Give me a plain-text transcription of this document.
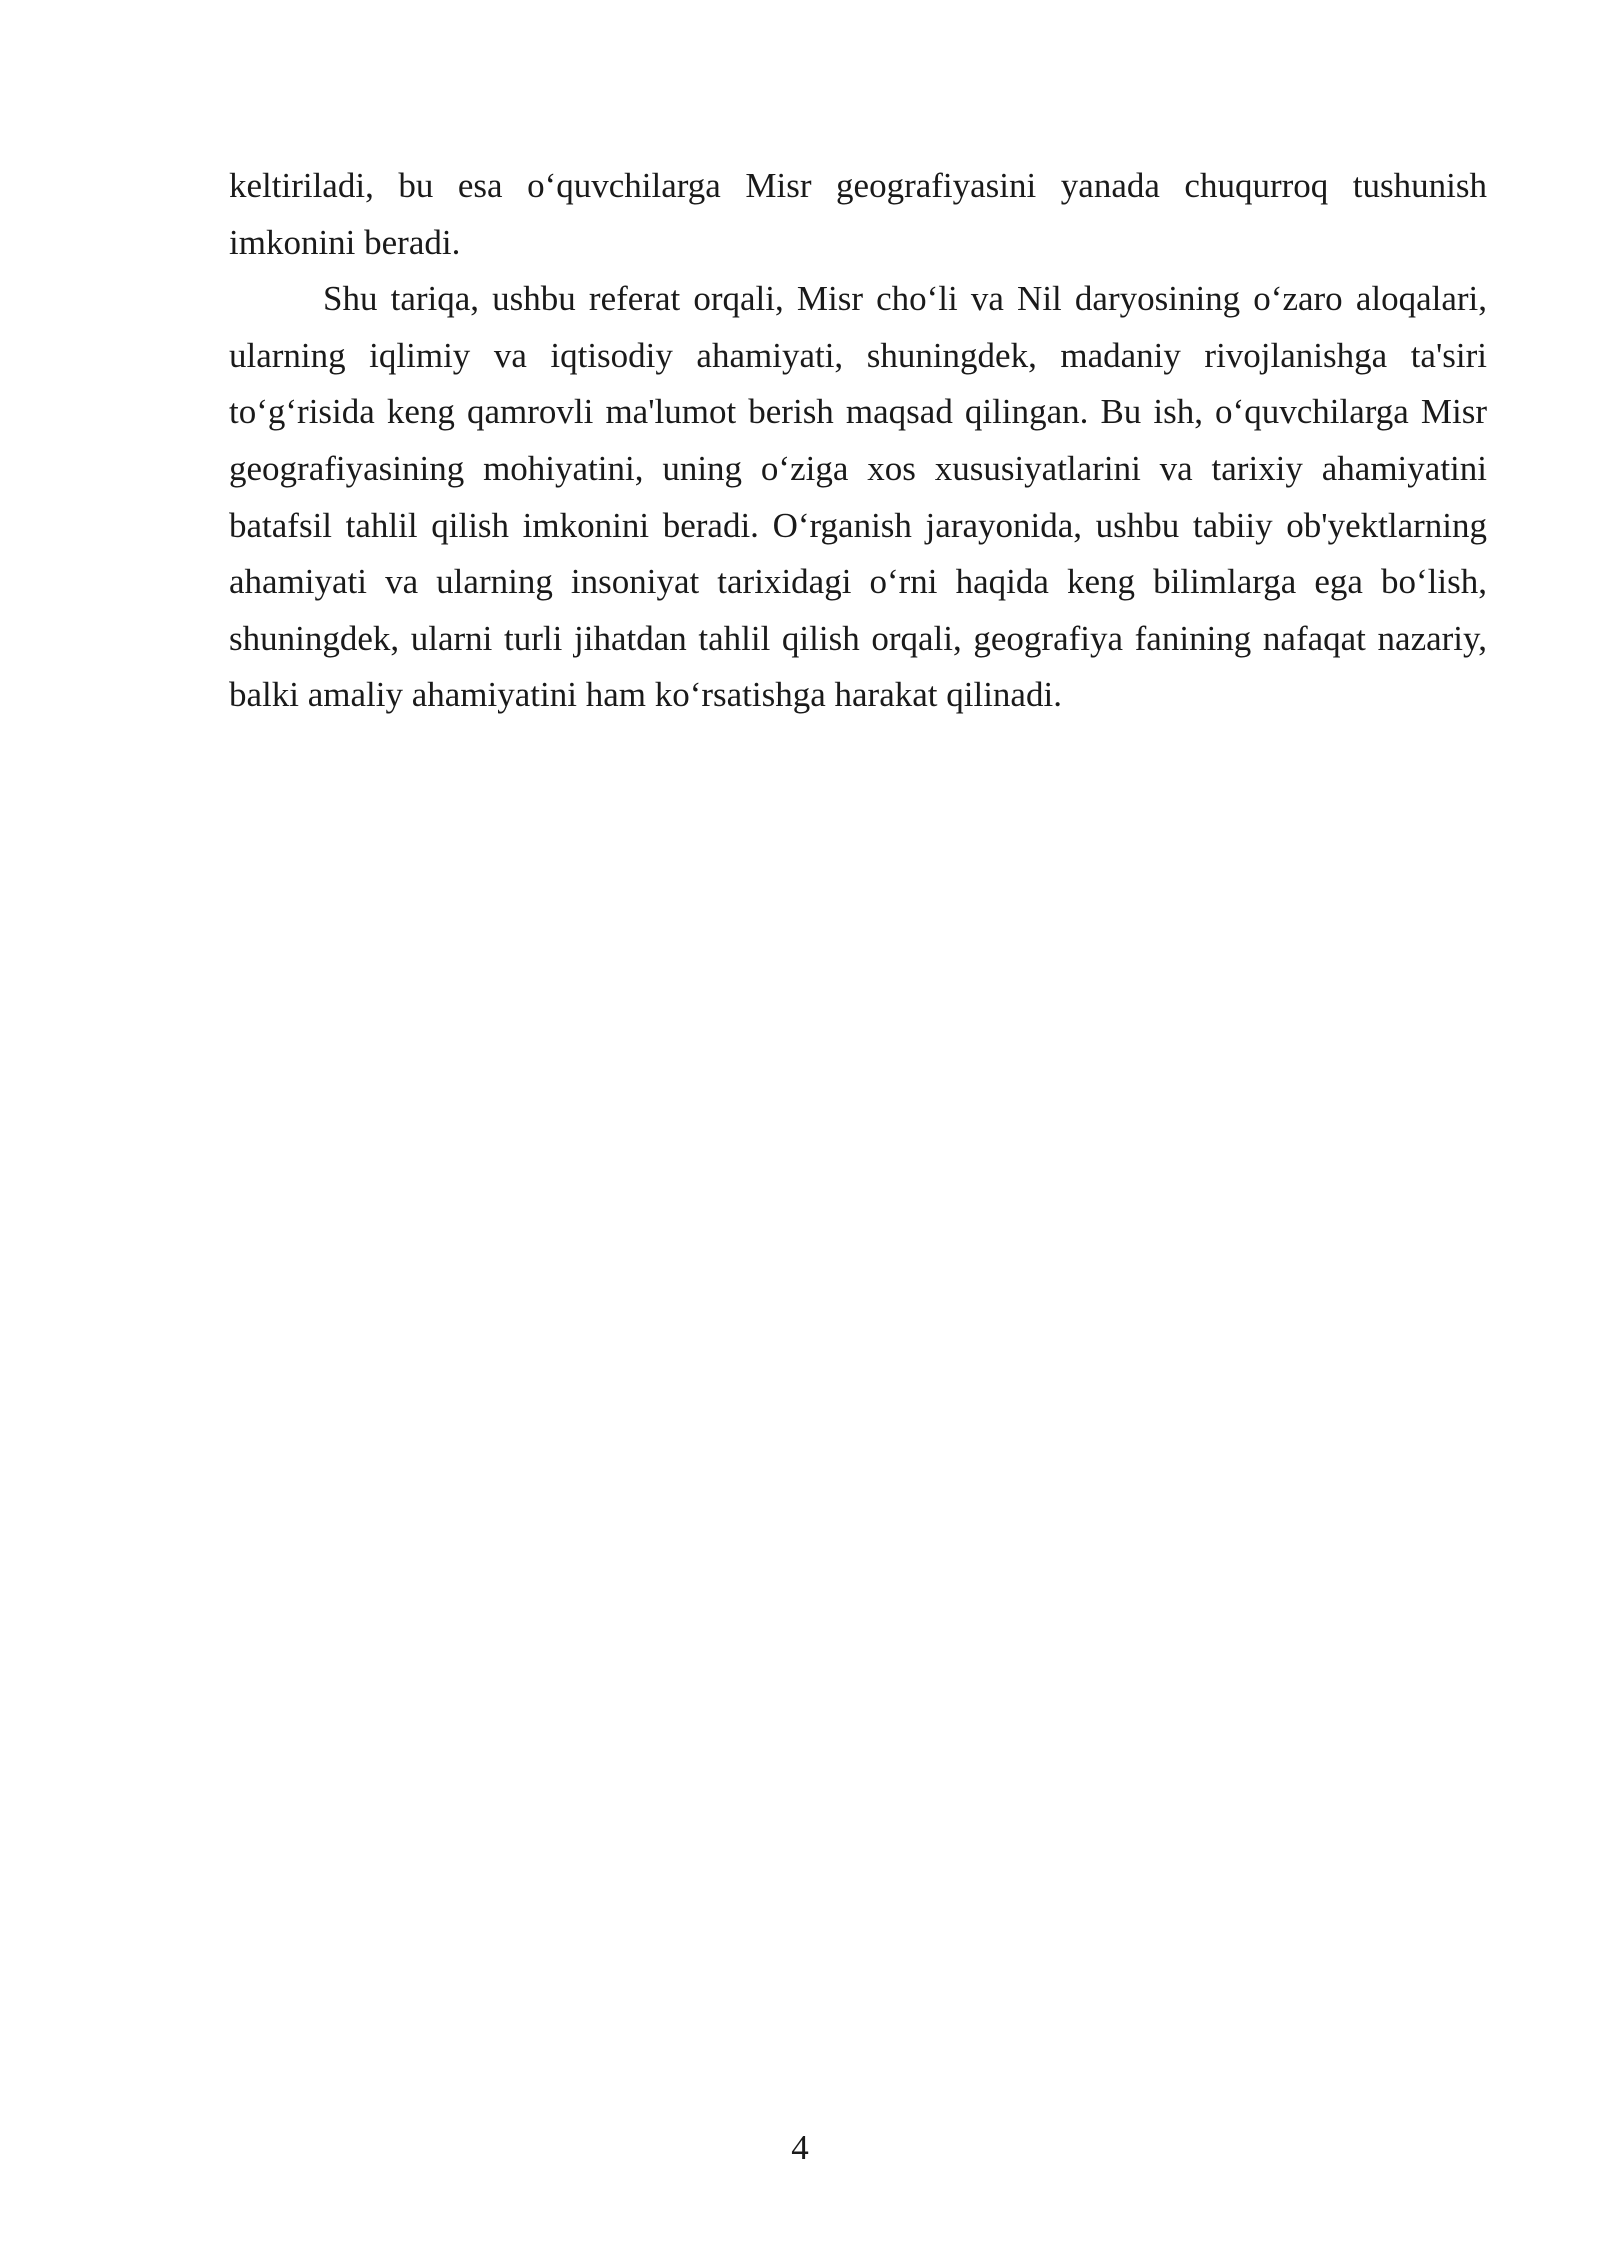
keltiriladi, bu esa o‘quvchilarga Misr geografiyasini yanada chuqurroq tushunish imkonini beradi.

Shu tariqa, ushbu referat orqali, Misr cho‘li va Nil daryosining o‘zaro aloqalari, ularning iqlimiy va iqtisodiy ahamiyati, shuningdek, madaniy rivojlanishga ta'siri to‘g‘risida keng qamrovli ma'lumot berish maqsad qilingan. Bu ish, o‘quvchilarga Misr geografiyasining mohiyatini, uning o‘ziga xos xususiyatlarini va tarixiy ahamiyatini batafsil tahlil qilish imkonini beradi. O‘rganish jarayonida, ushbu tabiiy ob'yektlarning ahamiyati va ularning insoniyat tarixidagi o‘rni haqida keng bilimlarga ega bo‘lish, shuningdek, ularni turli jihatdan tahlil qilish orqali, geografiya fanining nafaqat nazariy, balki amaliy ahamiyatini ham ko‘rsatishga harakat qilinadi.

4
